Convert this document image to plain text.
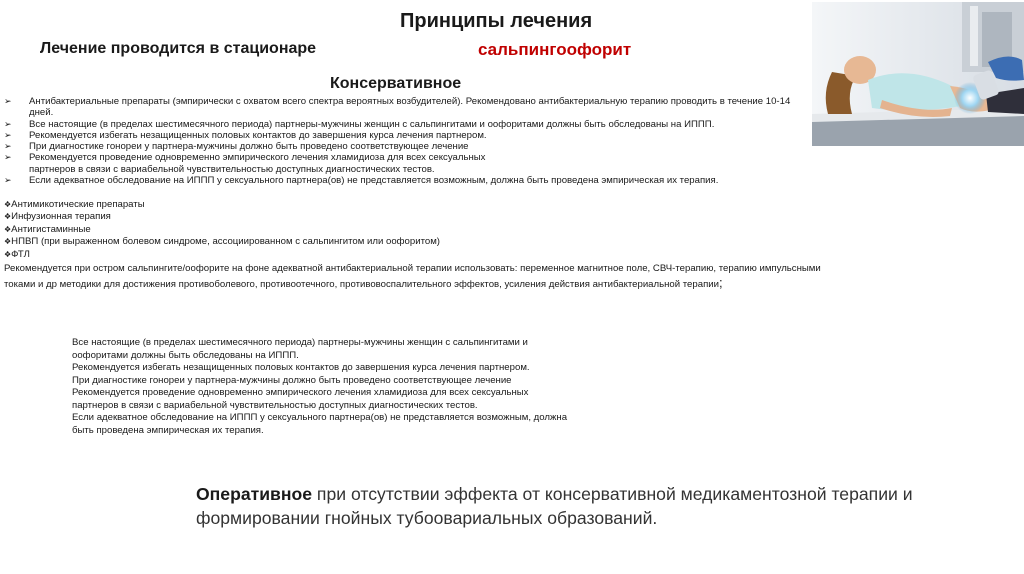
Принципы лечения
Лечение проводится в стационаре	сальпингоофорит
Консервативное
➢ Антибактериальные препараты (эмпирически с охватом всего спектра вероятных возбудителей). Рекомендовано антибактериальную терапию проводить в течение 10-14 дней.
➢ Все настоящие (в пределах шестимесячного периода) партнеры-мужчины женщин с сальпингитами и оофоритами должны быть обследованы на ИППП.
➢ Рекомендуется избегать незащищенных половых контактов до завершения курса лечения партнером.
➢ При диагностике гонореи у партнера-мужчины должно быть проведено соответствующее лечение
➢ Рекомендуется проведение одновременно эмпирического лечения хламидиоза для всех сексуальных партнеров в связи с вариабельной чувствительностью доступных диагностических тестов.
➢ Если адекватное обследование на ИППП у сексуального партнера(ов) не представляется возможным, должна быть проведена эмпирическая их терапия.
❖Антимикотические препараты
❖Инфузионная терапия
❖Антигистаминные
❖НПВП (при выраженном болевом синдроме, ассоциированном с сальпингитом или оофоритом)
❖ФТЛ
Рекомендуется при остром сальпингите/оофорите на фоне адекватной антибактериальной терапии использовать: переменное магнитное поле, СВЧ-терапию, терапию импульсными токами и др методики для достижения противоболевого, противоотечного, противовоспалительного эффектов, усиления действия антибактериальной терапии;

Все настоящие (в пределах шестимесячного периода) партнеры-мужчины женщин с сальпингитами и оофоритами должны быть обследованы на ИППП.

Рекомендуется избегать незащищенных половых контактов до завершения курса лечения партнером.

При диагностике гонореи у партнера-мужчины должно быть проведено соответствующее лечение

Рекомендуется проведение одновременно эмпирического лечения хламидиоза для всех сексуальных партнеров в связи с вариабельной чувствительностью доступных диагностических тестов.

Если адекватное обследование на ИППП у сексуального партнера(ов) не представляется возможным, должна быть проведена эмпирическая их терапия.

Оперативное при отсутствии эффекта от консервативной медикаментозной терапии и формировании гнойных тубоовариальных образований.
